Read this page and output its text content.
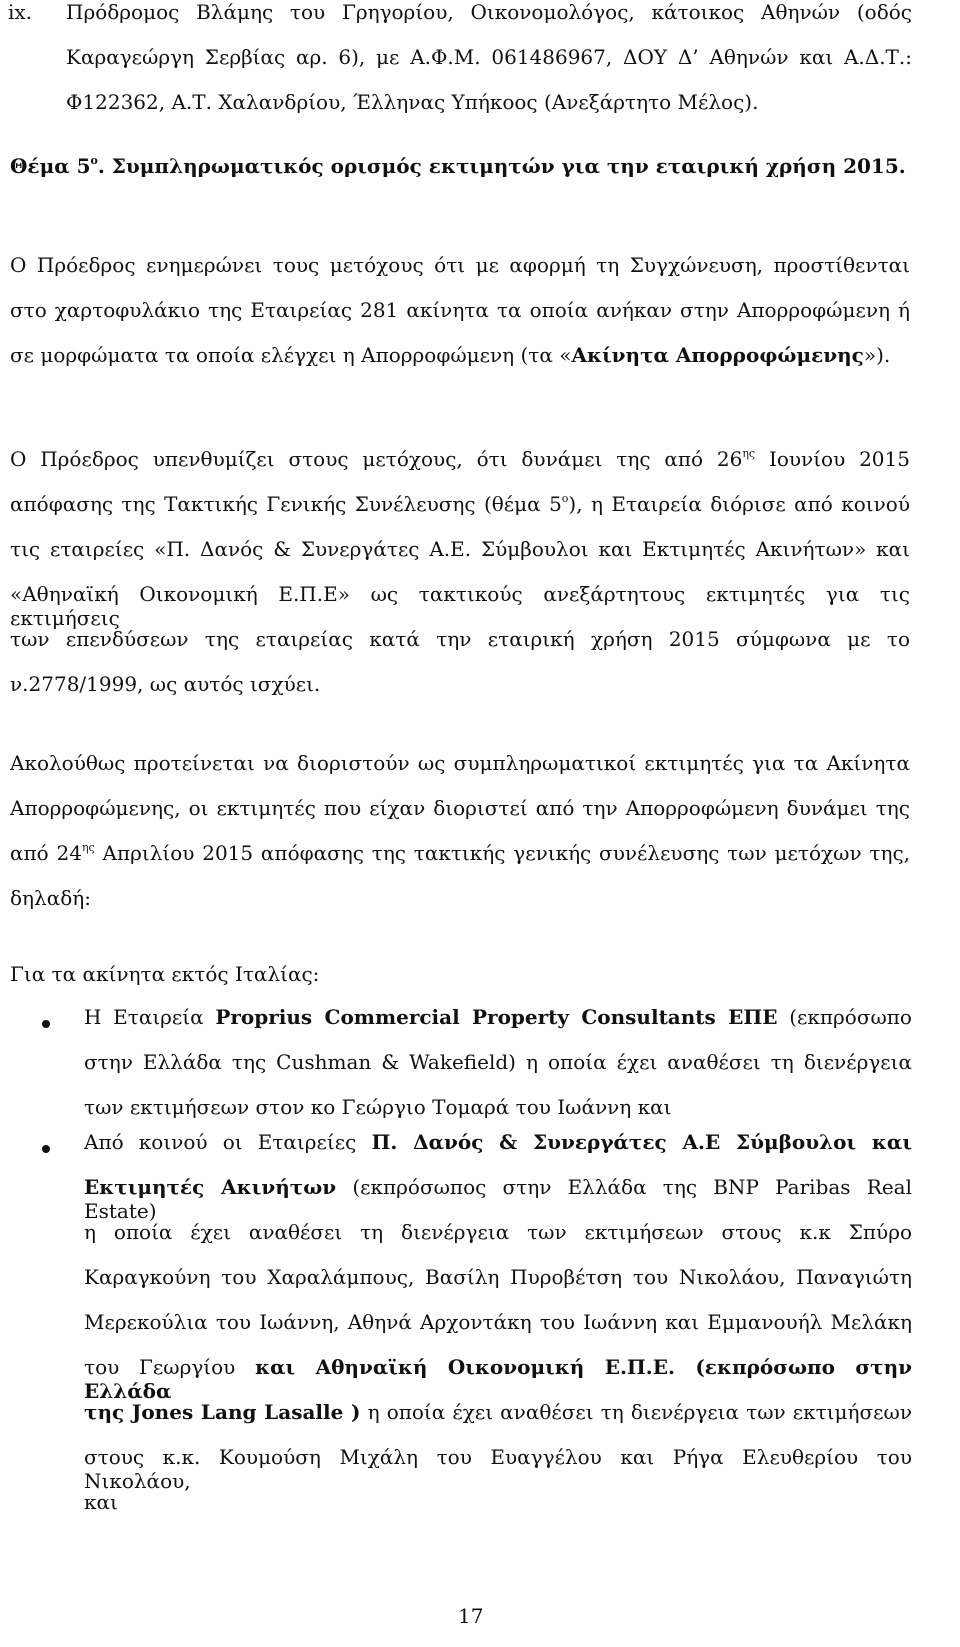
ix. Πρόδρομος Βλάμης του Γρηγορίου, Οικονομολόγος, κάτοικος Αθηνών (οδός
Καραγεώργη Σερβίας αρ. 6), με Α.Φ.Μ. 061486967, ΔΟΥ Δ’ Αθηνών και Α.Δ.Τ.:
Φ122362, Α.Τ. Χαλανδρίου, Έλληνας Υπήκοος (Ανεξάρτητο Μέλος).
Θέμα $5^o$. Συμπληρωματικός ορισμός εκτιμητών για την εταιρική χρήση 2015.
Ο Πρόεδρος ενημερώνει τους μετόχους ότι με αφορμή τη Συγχώνευση, προστίθενται
στο χαρτοφυλάκιο της Εταιρείας 281 ακίνητα τα οποία ανήκαν στην Απορροφώμενη ή
σε μορφώματα τα οποία ελέγχει η Απορροφώμενη (τα «Ακίνητα Απορροφώμενης»).
Ο Πρόεδρος υπενθυμίζει στους μετόχους, ότι δυνάμει της από $26^{\eta\varsigma}$ Ιουνίου 2015
απόφασης της Τακτικής Γενικής Συνέλευσης (θέμα $5^o$), η Εταιρεία διόρισε από κοινού
τις εταιρείες «Π. Δανός & Συνεργάτες Α.Ε. Σύμβουλοι και Εκτιμητές Ακινήτων» και
«Αθηναϊκή Οικονομική Ε.Π.Ε» ως τακτικούς ανεξάρτητους εκτιμητές για τις εκτιμήσεις
των επενδύσεων της εταιρείας κατά την εταιρική χρήση 2015 σύμφωνα με το
ν.2778/1999, ως αυτός ισχύει.
Ακολούθως προτείνεται να διοριστούν ως συμπληρωματικοί εκτιμητές για τα Ακίνητα
Απορροφώμενης, οι εκτιμητές που είχαν διοριστεί από την Απορροφώμενη δυνάμει της
από $24^{\eta\varsigma}$ Απριλίου 2015 απόφασης της τακτικής γενικής συνέλευσης των μετόχων της,
δηλαδή:
Για τα ακίνητα εκτός Ιταλίας:
Η Εταιρεία Proprius Commercial Property Consultants ΕΠΕ (εκπρόσωπο
στην Ελλάδα της Cushman & Wakefield) η οποία έχει αναθέσει τη διενέργεια
των εκτιμήσεων στον κο Γεώργιο Τομαρά του Ιωάννη και
Από κοινού οι Εταιρείες Π. Δανός & Συνεργάτες Α.Ε Σύμβουλοι και
Εκτιμητές Ακινήτων (εκπρόσωπος στην Ελλάδα της BNP Paribas Real Estate)
η οποία έχει αναθέσει τη διενέργεια των εκτιμήσεων στους κ.κ Σπύρο
Καραγκούνη του Χαραλάμπους, Βασίλη Πυροβέτση του Νικολάου, Παναγιώτη
Μερεκούλια του Ιωάννη, Αθηνά Αρχοντάκη του Ιωάννη και Εμμανουήλ Μελάκη
του Γεωργίου και Αθηναϊκή Οικονομική Ε.Π.Ε. (εκπρόσωπο στην Ελλάδα
της Jones Lang Lasalle ) η οποία έχει αναθέσει τη διενέργεια των εκτιμήσεων
στους κ.κ. Κουμούση Μιχάλη του Ευαγγέλου και Ρήγα Ελευθερίου του Νικολάου,
και
17
